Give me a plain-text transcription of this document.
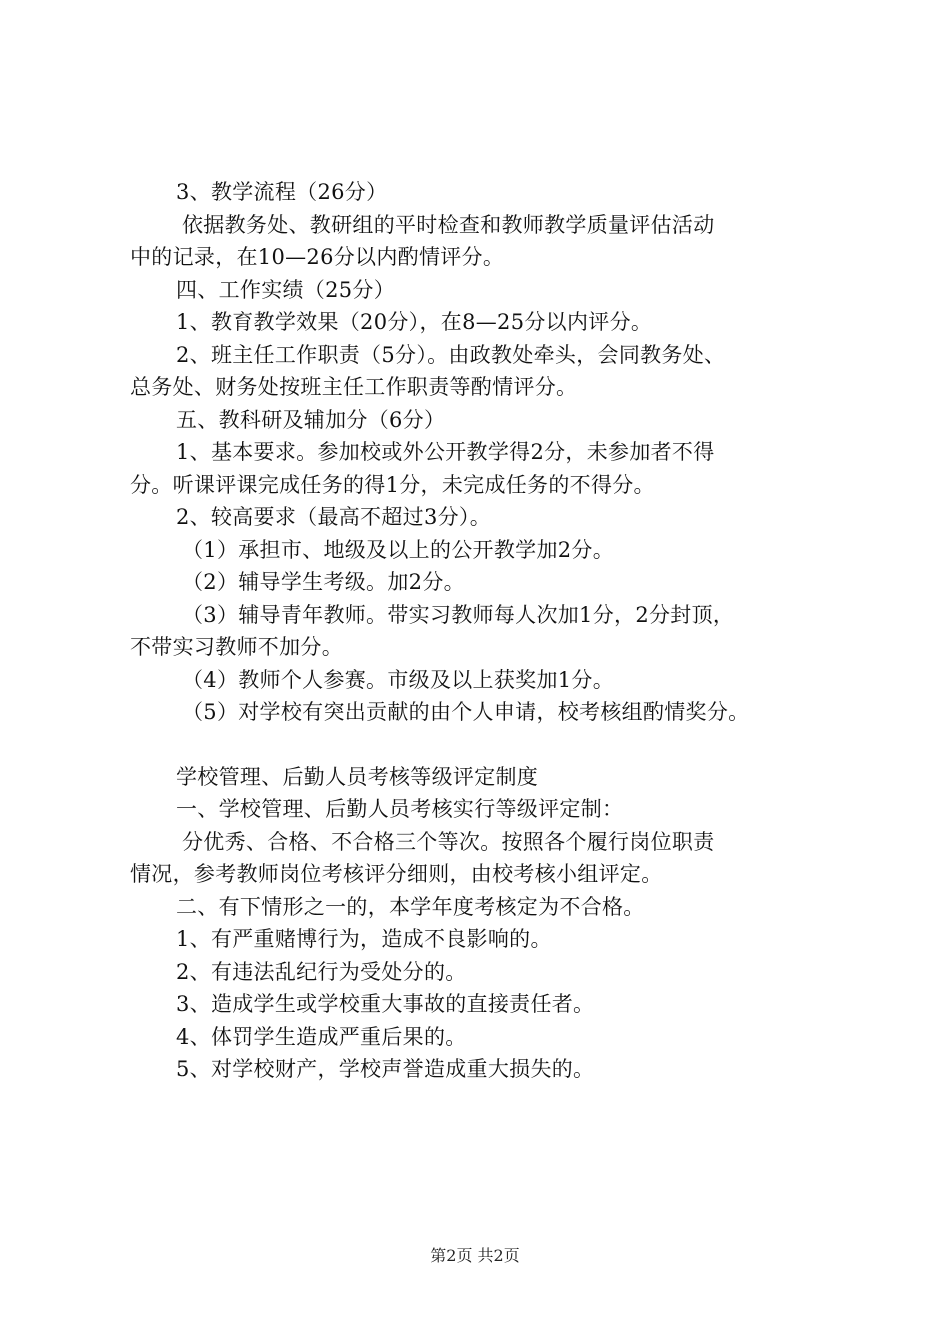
3、教学流程（26分）
依据教务处、教研组的平时检查和教师教学质量评估活动
中的记录，在10—26分以内酌情评分。
四、工作实绩（25分）
1、教育教学效果（20分），在8—25分以内评分。
2、班主任工作职责（5分）。由政教处牵头，会同教务处、
总务处、财务处按班主任工作职责等酌情评分。
五、教科研及辅加分（6分）
1、基本要求。参加校或外公开教学得2分，未参加者不得
分。听课评课完成任务的得1分，未完成任务的不得分。
2、较高要求（最高不超过3分）。
（1）承担市、地级及以上的公开教学加2分。
（2）辅导学生考级。加2分。
（3）辅导青年教师。带实习教师每人次加1分，2分封顶，
不带实习教师不加分。
（4）教师个人参赛。市级及以上获奖加1分。
（5）对学校有突出贡献的由个人申请，校考核组酌情奖分。
学校管理、后勤人员考核等级评定制度
一、学校管理、后勤人员考核实行等级评定制：
分优秀、合格、不合格三个等次。按照各个履行岗位职责
情况，参考教师岗位考核评分细则，由校考核小组评定。
二、有下情形之一的，本学年度考核定为不合格。
1、有严重赌博行为，造成不良影响的。
2、有违法乱纪行为受处分的。
3、造成学生或学校重大事故的直接责任者。
4、体罚学生造成严重后果的。
5、对学校财产，学校声誉造成重大损失的。
第2页 共2页
